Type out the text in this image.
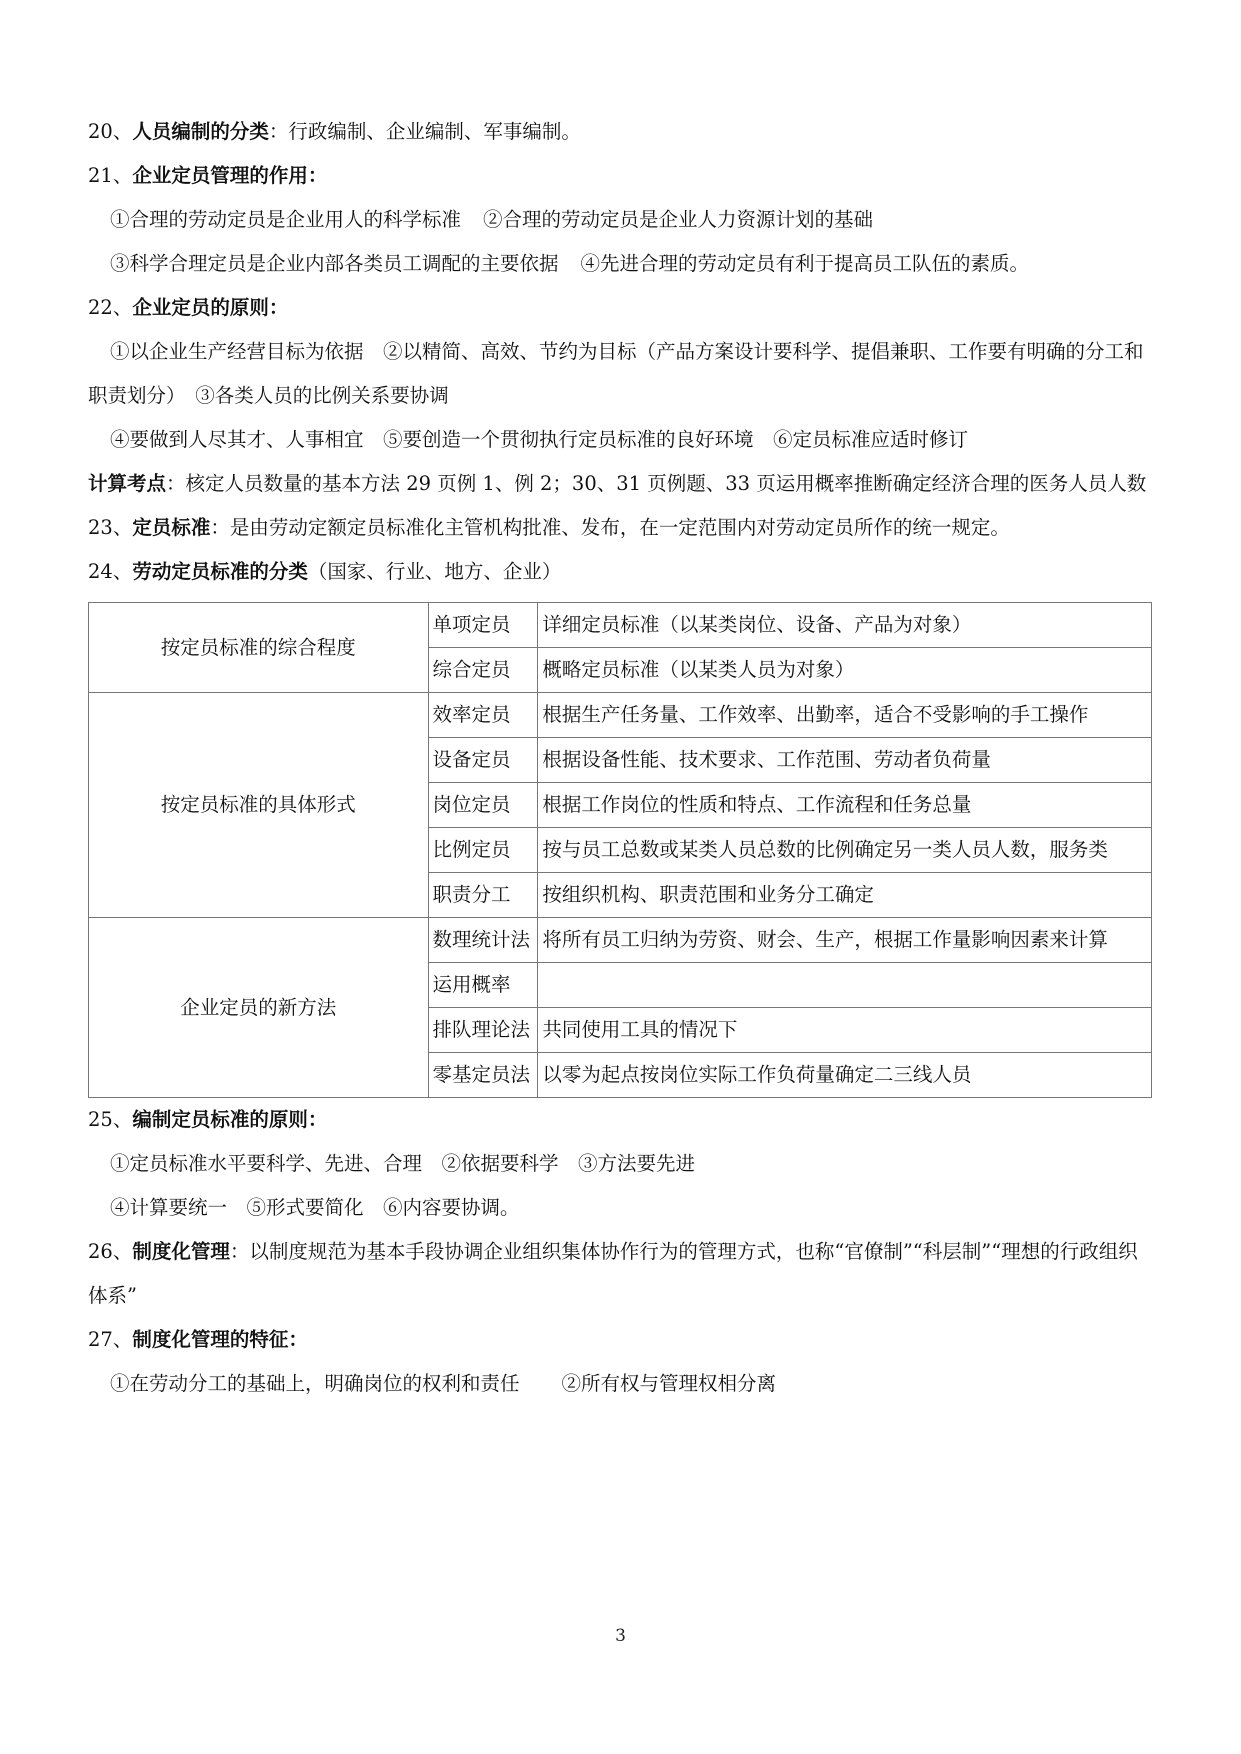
20、人员编制的分类：行政编制、企业编制、军事编制。
21、企业定员管理的作用：
①合理的劳动定员是企业用人的科学标准 ②合理的劳动定员是企业人力资源计划的基础
③科学合理定员是企业内部各类员工调配的主要依据 ④先进合理的劳动定员有利于提高员工队伍的素质。
22、企业定员的原则：
①以企业生产经营目标为依据　②以精简、高效、节约为目标（产品方案设计要科学、提倡兼职、工作要有明确的分工和职责划分）　③各类人员的比例关系要协调
④要做到人尽其才、人事相宜　⑤要创造一个贯彻执行定员标准的良好环境　⑥定员标准应适时修订
计算考点：核定人员数量的基本方法 29 页例 1、例 2；30、31 页例题、33 页运用概率推断确定经济合理的医务人员人数
23、定员标准：是由劳动定额定员标准化主管机构批准、发布，在一定范围内对劳动定员所作的统一规定。
24、劳动定员标准的分类（国家、行业、地方、企业）
按定员标准的综合程度	单项定员	详细定员标准（以某类岗位、设备、产品为对象）
	综合定员	概略定员标准（以某类人员为对象）
按定员标准的具体形式	效率定员	根据生产任务量、工作效率、出勤率，适合不受影响的手工操作
	设备定员	根据设备性能、技术要求、工作范围、劳动者负荷量
	岗位定员	根据工作岗位的性质和特点、工作流程和任务总量
	比例定员	按与员工总数或某类人员总数的比例确定另一类人员人数，服务类
	职责分工	按组织机构、职责范围和业务分工确定
企业定员的新方法	数理统计法	将所有员工归纳为劳资、财会、生产，根据工作量影响因素来计算
	运用概率	
	排队理论法	共同使用工具的情况下
	零基定员法	以零为起点按岗位实际工作负荷量确定二三线人员
25、编制定员标准的原则：
①定员标准水平要科学、先进、合理　②依据要科学　③方法要先进
④计算要统一　⑤形式要简化　⑥内容要协调。
26、制度化管理：以制度规范为基本手段协调企业组织集体协作行为的管理方式，也称“官僚制”“科层制”“理想的行政组织体系”
27、制度化管理的特征：
①在劳动分工的基础上，明确岗位的权利和责任 ②所有权与管理权相分离
3
